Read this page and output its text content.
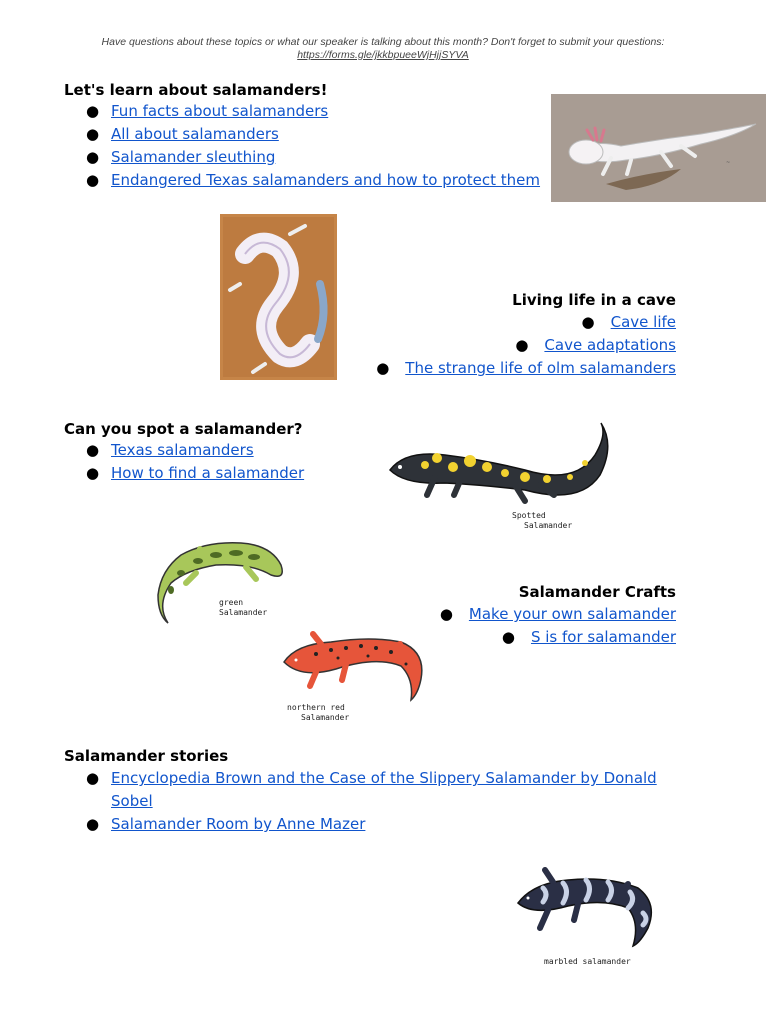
Have questions about these topics or what our speaker is talking about this month? Don't forget to submit your questions:
https://forms.gle/jkkbpueeWjHjjSYVA
Let's learn about salamanders!
● Fun facts about salamanders
● All about salamanders
● Salamander sleuthing
● Endangered Texas salamanders and how to protect them
~
Living life in a cave
● Cave life
● Cave adaptations
● The strange life of olm salamanders
Can you spot a salamander?
● Texas salamanders
● How to find a salamander
Spotted
Salamander
green
Salamander
Salamander Crafts
● Make your own salamander
● S is for salamander
northern red
Salamander
Salamander stories
● Encyclopedia Brown and the Case of the Slippery Salamander by Donald Sobel
● Salamander Room by Anne Mazer
marbled salamander
